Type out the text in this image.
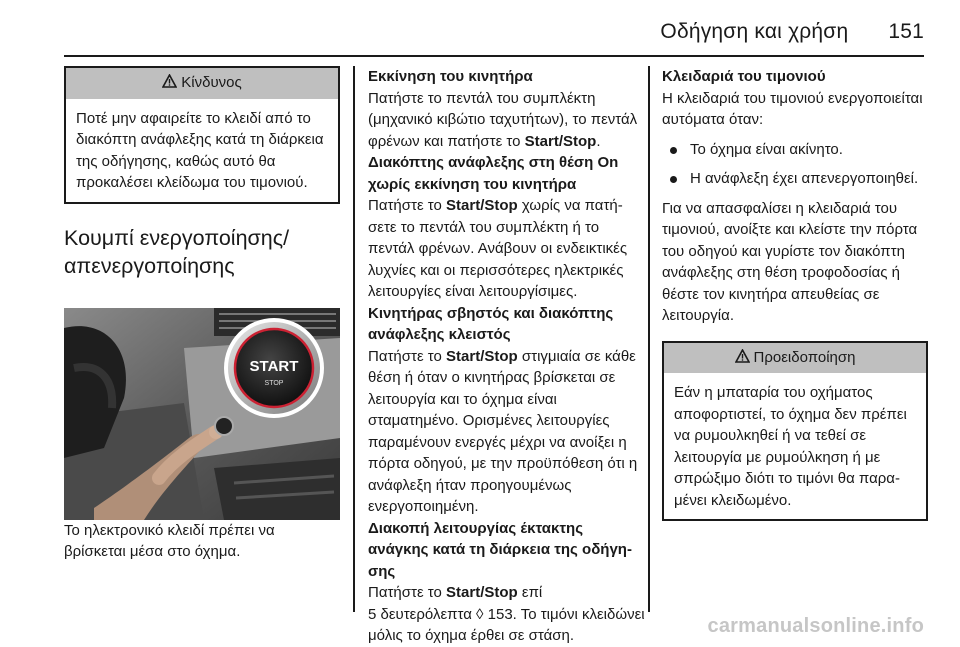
Οδήγηση και χρήση 151
Κίνδυνος
Ποτέ μην αφαιρείτε το κλειδί από το διακόπτη ανάφλεξης κατά τη διάρκεια της οδήγησης, καθώς αυτό θα προκαλέσει κλείδωμα του τιμονιού.
Κουμπί ενεργοποίησης/
απενεργοποίησης
START
STOP

Το ηλεκτρονικό κλειδί πρέπει να βρίσκεται μέσα στο όχημα.

Εκκίνηση του κινητήρα

Πατήστε το πεντάλ του συμπλέκτη (μηχανικό κιβώτιο ταχυτήτων), το πεντάλ φρένων και πατήστε το Start/Stop.

Διακόπτης ανάφλεξης στη θέση On χωρίς εκκίνηση του κινητήρα

Πατήστε το Start/Stop χωρίς να πατήσετε το πεντάλ του συμπλέκτη ή το πεντάλ φρένων. Ανάβουν οι ενδεικτικές λυχνίες και οι περισσότερες ηλεκτρικές λειτουργίες είναι λειτουργίσιμες.

Κινητήρας σβηστός και διακόπτης ανάφλεξης κλειστός

Πατήστε το Start/Stop στιγμιαία σε κάθε θέση ή όταν ο κινητήρας βρίσκεται σε λειτουργία και το όχημα είναι σταματημένο. Ορισμένες λειτουργίες παραμένουν ενεργές μέχρι να ανοίξει η πόρτα οδηγού, με την προϋπόθεση ότι η ανάφλεξη ήταν προηγουμένως ενεργοποιημένη.

Διακοπή λειτουργίας έκτακτης ανάγκης κατά τη διάρκεια της οδήγησης

Πατήστε το Start/Stop επί
5 δευτερόλεπτα ◊ 153. Το τιμόνι κλειδώνει μόλις το όχημα έρθει σε στάση.

Κλειδαριά του τιμονιού

Η κλειδαριά του τιμονιού ενεργοποιείται αυτόματα όταν:

Το όχημα είναι ακίνητο.
Η ανάφλεξη έχει απενεργοποιηθεί.

Για να απασφαλίσει η κλειδαριά του τιμονιού, ανοίξτε και κλείστε την πόρτα του οδηγού και γυρίστε τον διακόπτη ανάφλεξης στη θέση τροφοδοσίας ή θέστε τον κινητήρα απευθείας σε λειτουργία.

Προειδοποίηση
Εάν η μπαταρία του οχήματος αποφορτιστεί, το όχημα δεν πρέπει να ρυμουλκηθεί ή να τεθεί σε λειτουργία με ρυμούλκηση ή με σπρώξιμο διότι το τιμόνι θα παραμένει κλειδωμένο.
carmanualsonline.info
